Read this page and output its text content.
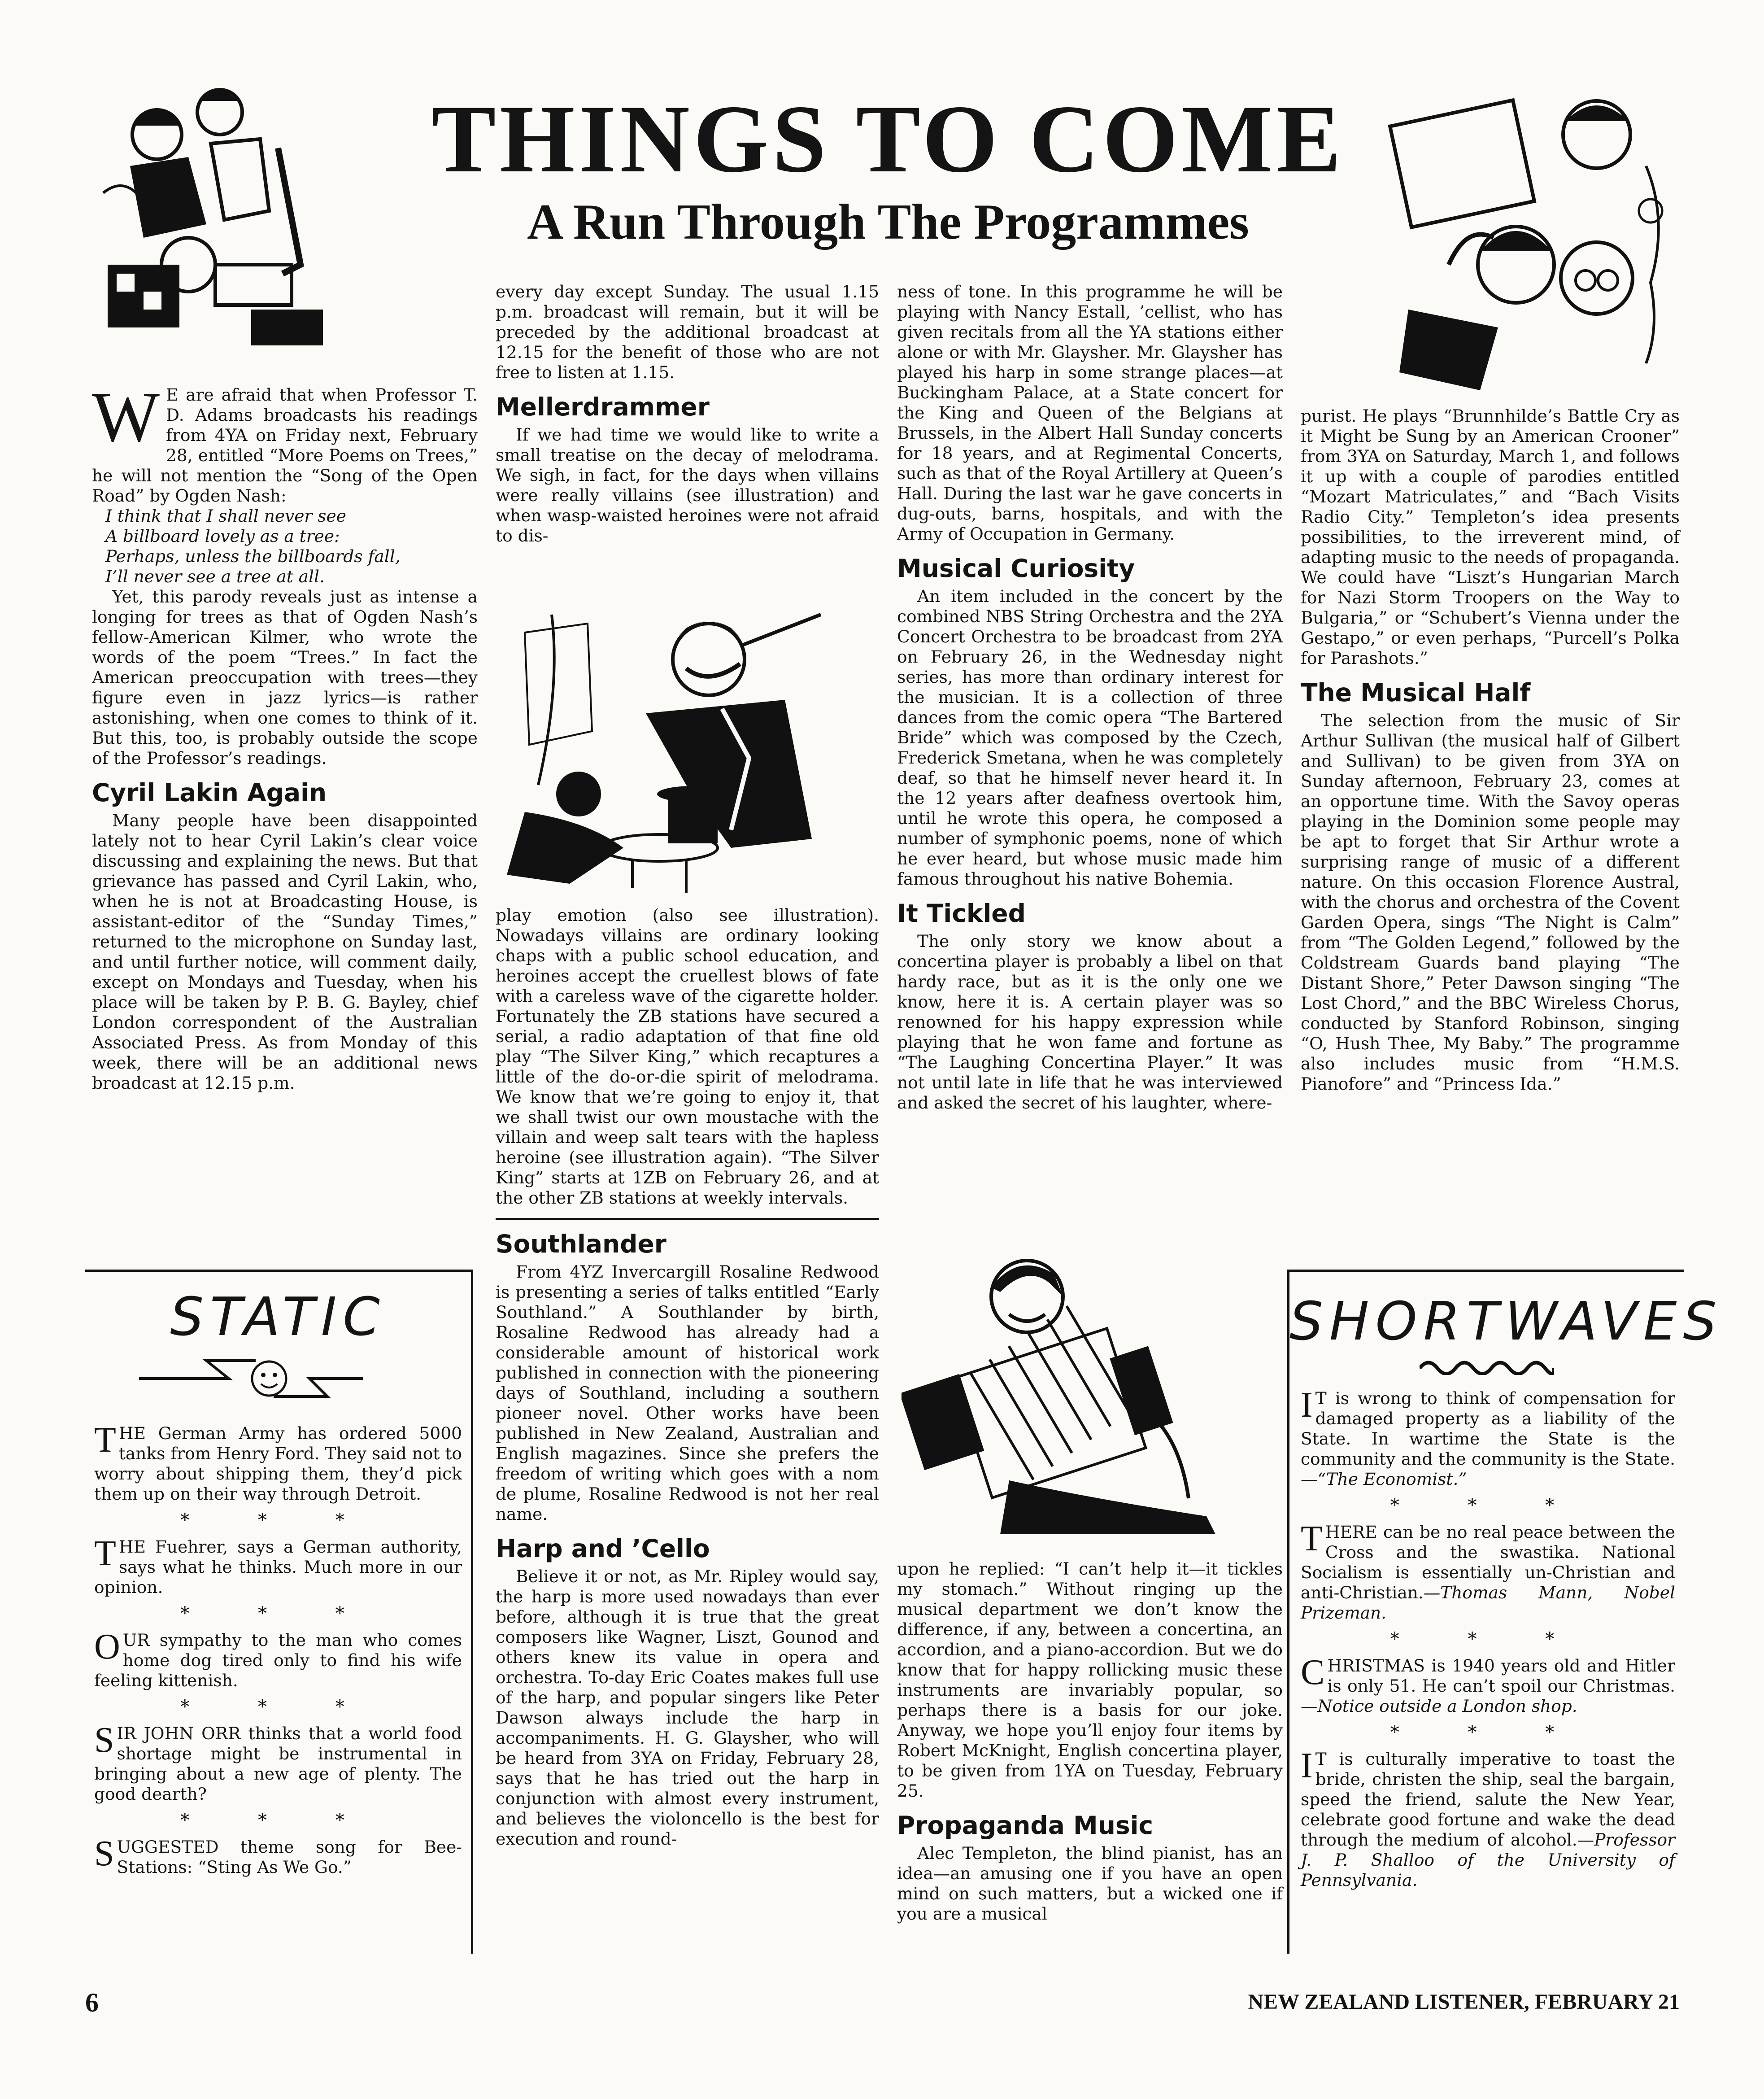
THINGS TO COME
A Run Through The Programmes

W E are afraid that when Professor T. D. Adams broadcasts his readings from 4YA on Friday next, February 28, entitled “More Poems on Trees,” he will not mention the “Song of the Open Road” by Ogden Nash:

I think that I shall never see

A billboard lovely as a tree:

Perhaps, unless the billboards fall,

I’ll never see a tree at all.

Yet, this parody reveals just as intense a longing for trees as that of Ogden Nash’s fellow-American Kilmer, who wrote the words of the poem “Trees.” In fact the American preoccupation with trees—they figure even in jazz lyrics—is rather astonishing, when one comes to think of it. But this, too, is probably outside the scope of the Professor’s readings.

Cyril Lakin Again

Many people have been disappointed lately not to hear Cyril Lakin’s clear voice discussing and explaining the news. But that grievance has passed and Cyril Lakin, who, when he is not at Broadcasting House, is assistant-editor of the “Sunday Times,” returned to the microphone on Sunday last, and until further notice, will comment daily, except on Mondays and Tuesday, when his place will be taken by P. B. G. Bayley, chief London correspondent of the Australian Associated Press. As from Monday of this week, there will be an additional news broadcast at 12.15 p.m.

every day except Sunday. The usual 1.15 p.m. broadcast will remain, but it will be preceded by the additional broadcast at 12.15 for the benefit of those who are not free to listen at 1.15.

Mellerdrammer

If we had time we would like to write a small treatise on the decay of melodrama. We sigh, in fact, for the days when villains were really villains (see illustration) and when wasp-waisted heroines were not afraid to dis-

play emotion (also see illustration). Nowadays villains are ordinary looking chaps with a public school education, and heroines accept the cruellest blows of fate with a careless wave of the cigarette holder. Fortunately the ZB stations have secured a serial, a radio adaptation of that fine old play “The Silver King,” which recaptures a little of the do-or-die spirit of melodrama. We know that we’re going to enjoy it, that we shall twist our own moustache with the villain and weep salt tears with the hapless heroine (see illustration again). “The Silver King” starts at 1ZB on February 26, and at the other ZB stations at weekly intervals.

Southlander

From 4YZ Invercargill Rosaline Redwood is presenting a series of talks entitled “Early Southland.” A Southlander by birth, Rosaline Redwood has already had a considerable amount of historical work published in connection with the pioneering days of Southland, including a southern pioneer novel. Other works have been published in New Zealand, Australian and English magazines. Since she prefers the freedom of writing which goes with a nom de plume, Rosaline Redwood is not her real name.

Harp and ’Cello

Believe it or not, as Mr. Ripley would say, the harp is more used nowadays than ever before, although it is true that the great composers like Wagner, Liszt, Gounod and others knew its value in opera and orchestra. To-day Eric Coates makes full use of the harp, and popular singers like Peter Dawson always include the harp in accompaniments. H. G. Glaysher, who will be heard from 3YA on Friday, February 28, says that he has tried out the harp in conjunction with almost every instrument, and believes the violoncello is the best for execution and round-

ness of tone. In this programme he will be playing with Nancy Estall, ’cellist, who has given recitals from all the YA stations either alone or with Mr. Glaysher. Mr. Glaysher has played his harp in some strange places—at Buckingham Palace, at a State concert for the King and Queen of the Belgians at Brussels, in the Albert Hall Sunday concerts for 18 years, and at Regimental Concerts, such as that of the Royal Artillery at Queen’s Hall. During the last war he gave concerts in dug-outs, barns, hospitals, and with the Army of Occupation in Germany.

Musical Curiosity

An item included in the concert by the combined NBS String Orchestra and the 2YA Concert Orchestra to be broadcast from 2YA on February 26, in the Wednesday night series, has more than ordinary interest for the musician. It is a collection of three dances from the comic opera “The Bartered Bride” which was composed by the Czech, Frederick Smetana, when he was completely deaf, so that he himself never heard it. In the 12 years after deafness overtook him, until he wrote this opera, he composed a number of symphonic poems, none of which he ever heard, but whose music made him famous throughout his native Bohemia.

It Tickled

The only story we know about a concertina player is probably a libel on that hardy race, but as it is the only one we know, here it is. A certain player was so renowned for his happy expression while playing that he won fame and fortune as “The Laughing Concertina Player.” It was not until late in life that he was interviewed and asked the secret of his laughter, where-

upon he replied: “I can’t help it—it tickles my stomach.” Without ringing up the musical department we don’t know the difference, if any, between a concertina, an accordion, and a piano-accordion. But we do know that for happy rollicking music these instruments are invariably popular, so perhaps there is a basis for our joke. Anyway, we hope you’ll enjoy four items by Robert McKnight, English concertina player, to be given from 1YA on Tuesday, February 25.

Propaganda Music

Alec Templeton, the blind pianist, has an idea—an amusing one if you have an open mind on such matters, but a wicked one if you are a musical

purist. He plays “Brunnhilde’s Battle Cry as it Might be Sung by an American Crooner” from 3YA on Saturday, March 1, and follows it up with a couple of parodies entitled “Mozart Matriculates,” and “Bach Visits Radio City.” Templeton’s idea presents possibilities, to the irreverent mind, of adapting music to the needs of propaganda. We could have “Liszt’s Hungarian March for Nazi Storm Troopers on the Way to Bulgaria,” or “Schubert’s Vienna under the Gestapo,” or even perhaps, “Purcell’s Polka for Parashots.”

The Musical Half

The selection from the music of Sir Arthur Sullivan (the musical half of Gilbert and Sullivan) to be given from 3YA on Sunday afternoon, February 23, comes at an opportune time. With the Savoy operas playing in the Dominion some people may be apt to forget that Sir Arthur wrote a surprising range of music of a different nature. On this occasion Florence Austral, with the chorus and orchestra of the Covent Garden Opera, sings “The Night is Calm” from “The Golden Legend,” followed by the Coldstream Guards band playing “The Distant Shore,” Peter Dawson singing “The Lost Chord,” and the BBC Wireless Chorus, conducted by Stanford Robinson, singing “O, Hush Thee, My Baby.” The programme also includes music from “H.M.S. Pianofore” and “Princess Ida.”

STATIC

THE German Army has ordered 5000 tanks from Henry Ford. They said not to worry about shipping them, they’d pick them up on their way through Detroit.

* * *

THE Fuehrer, says a German authority, says what he thinks. Much more in our opinion.

* * *

OUR sympathy to the man who comes home dog tired only to find his wife feeling kittenish.

* * *

SIR JOHN ORR thinks that a world food shortage might be instrumental in bringing about a new age of plenty. The good dearth?

* * *

SUGGESTED theme song for Bee-Stations: “Sting As We Go.”

SHORTWAVES

I T is wrong to think of compensation for damaged property as a liability of the State. In wartime the State is the community and the community is the State.—“The Economist.”

* * *

THERE can be no real peace between the Cross and the swastika. National Socialism is essentially un-Christian and anti-Christian.—Thomas Mann, Nobel Prizeman.

* * *

CHRISTMAS is 1940 years old and Hitler is only 51. He can’t spoil our Christmas.—Notice outside a London shop.

* * *

I T is culturally imperative to toast the bride, christen the ship, seal the bargain, speed the friend, salute the New Year, celebrate good fortune and wake the dead through the medium of alcohol.—Professor J. P. Shalloo of the University of Pennsylvania.

6	NEW ZEALAND LISTENER, FEBRUARY 21
